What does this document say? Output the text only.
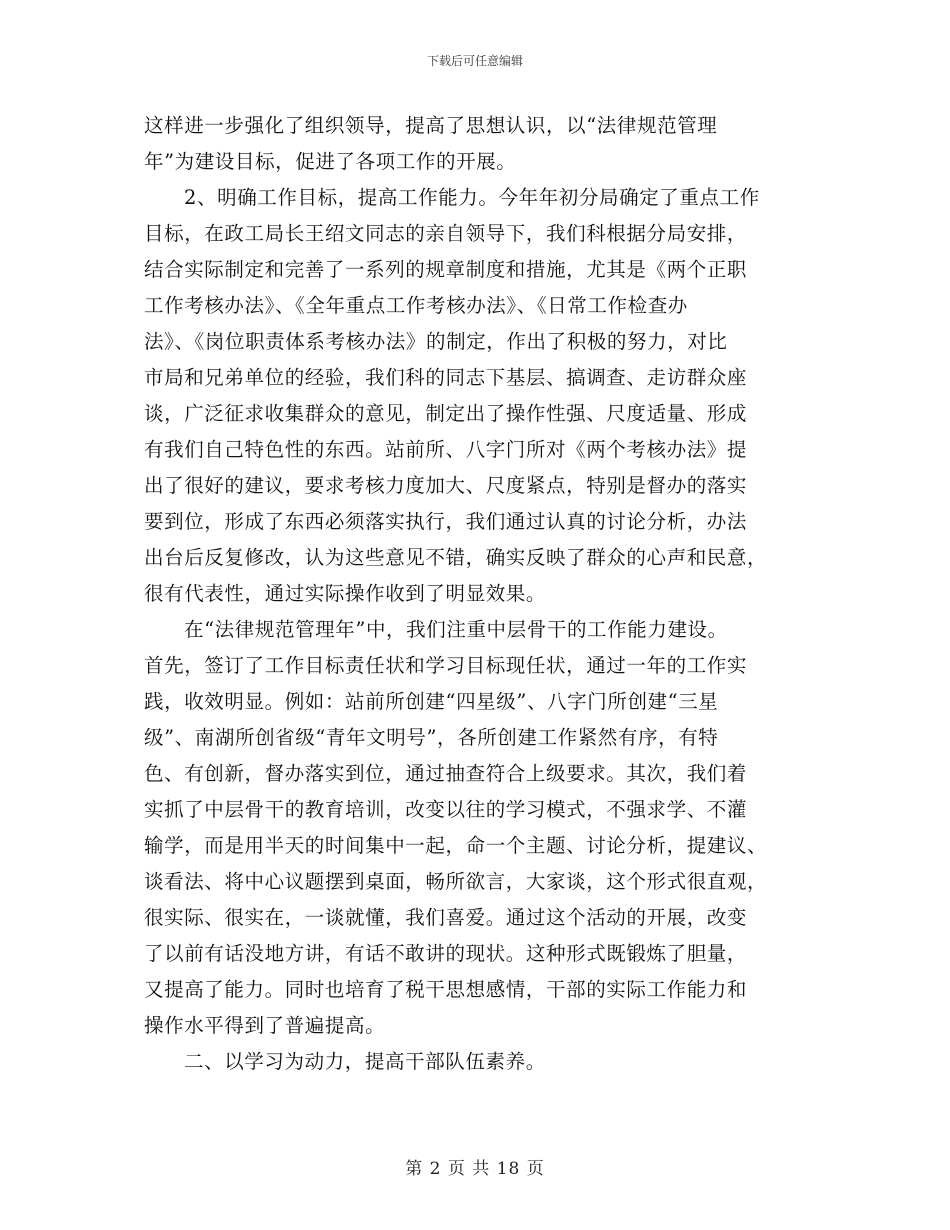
下载后可任意编辑
这样进一步强化了组织领导，提高了思想认识，以“法律规范管理
年”为建设目标，促进了各项工作的开展。
2、明确工作目标，提高工作能力。今年年初分局确定了重点工作
目标，在政工局长王绍文同志的亲自领导下，我们科根据分局安排，
结合实际制定和完善了一系列的规章制度和措施，尤其是《两个正职
工作考核办法》、《全年重点工作考核办法》、《日常工作检查办
法》、《岗位职责体系考核办法》的制定，作出了积极的努力，对比
市局和兄弟单位的经验，我们科的同志下基层、搞调查、走访群众座
谈，广泛征求收集群众的意见，制定出了操作性强、尺度适量、形成
有我们自己特色性的东西。站前所、八字门所对《两个考核办法》提
出了很好的建议，要求考核力度加大、尺度紧点，特别是督办的落实
要到位，形成了东西必须落实执行，我们通过认真的讨论分析，办法
出台后反复修改，认为这些意见不错，确实反映了群众的心声和民意，
很有代表性，通过实际操作收到了明显效果。
在“法律规范管理年”中，我们注重中层骨干的工作能力建设。
首先，签订了工作目标责任状和学习目标现任状，通过一年的工作实
践，收效明显。例如：站前所创建“四星级”、八字门所创建“三星
级”、南湖所创省级“青年文明号”，各所创建工作紧然有序，有特
色、有创新，督办落实到位，通过抽查符合上级要求。其次，我们着
实抓了中层骨干的教育培训，改变以往的学习模式，不强求学、不灌
输学，而是用半天的时间集中一起，命一个主题、讨论分析，提建议、
谈看法、将中心议题摆到桌面，畅所欲言，大家谈，这个形式很直观，
很实际、很实在，一谈就懂，我们喜爱。通过这个活动的开展，改变
了以前有话没地方讲，有话不敢讲的现状。这种形式既锻炼了胆量，
又提高了能力。同时也培育了税干思想感情，干部的实际工作能力和
操作水平得到了普遍提高。
二、以学习为动力，提高干部队伍素养。
第 2 页 共 18 页
